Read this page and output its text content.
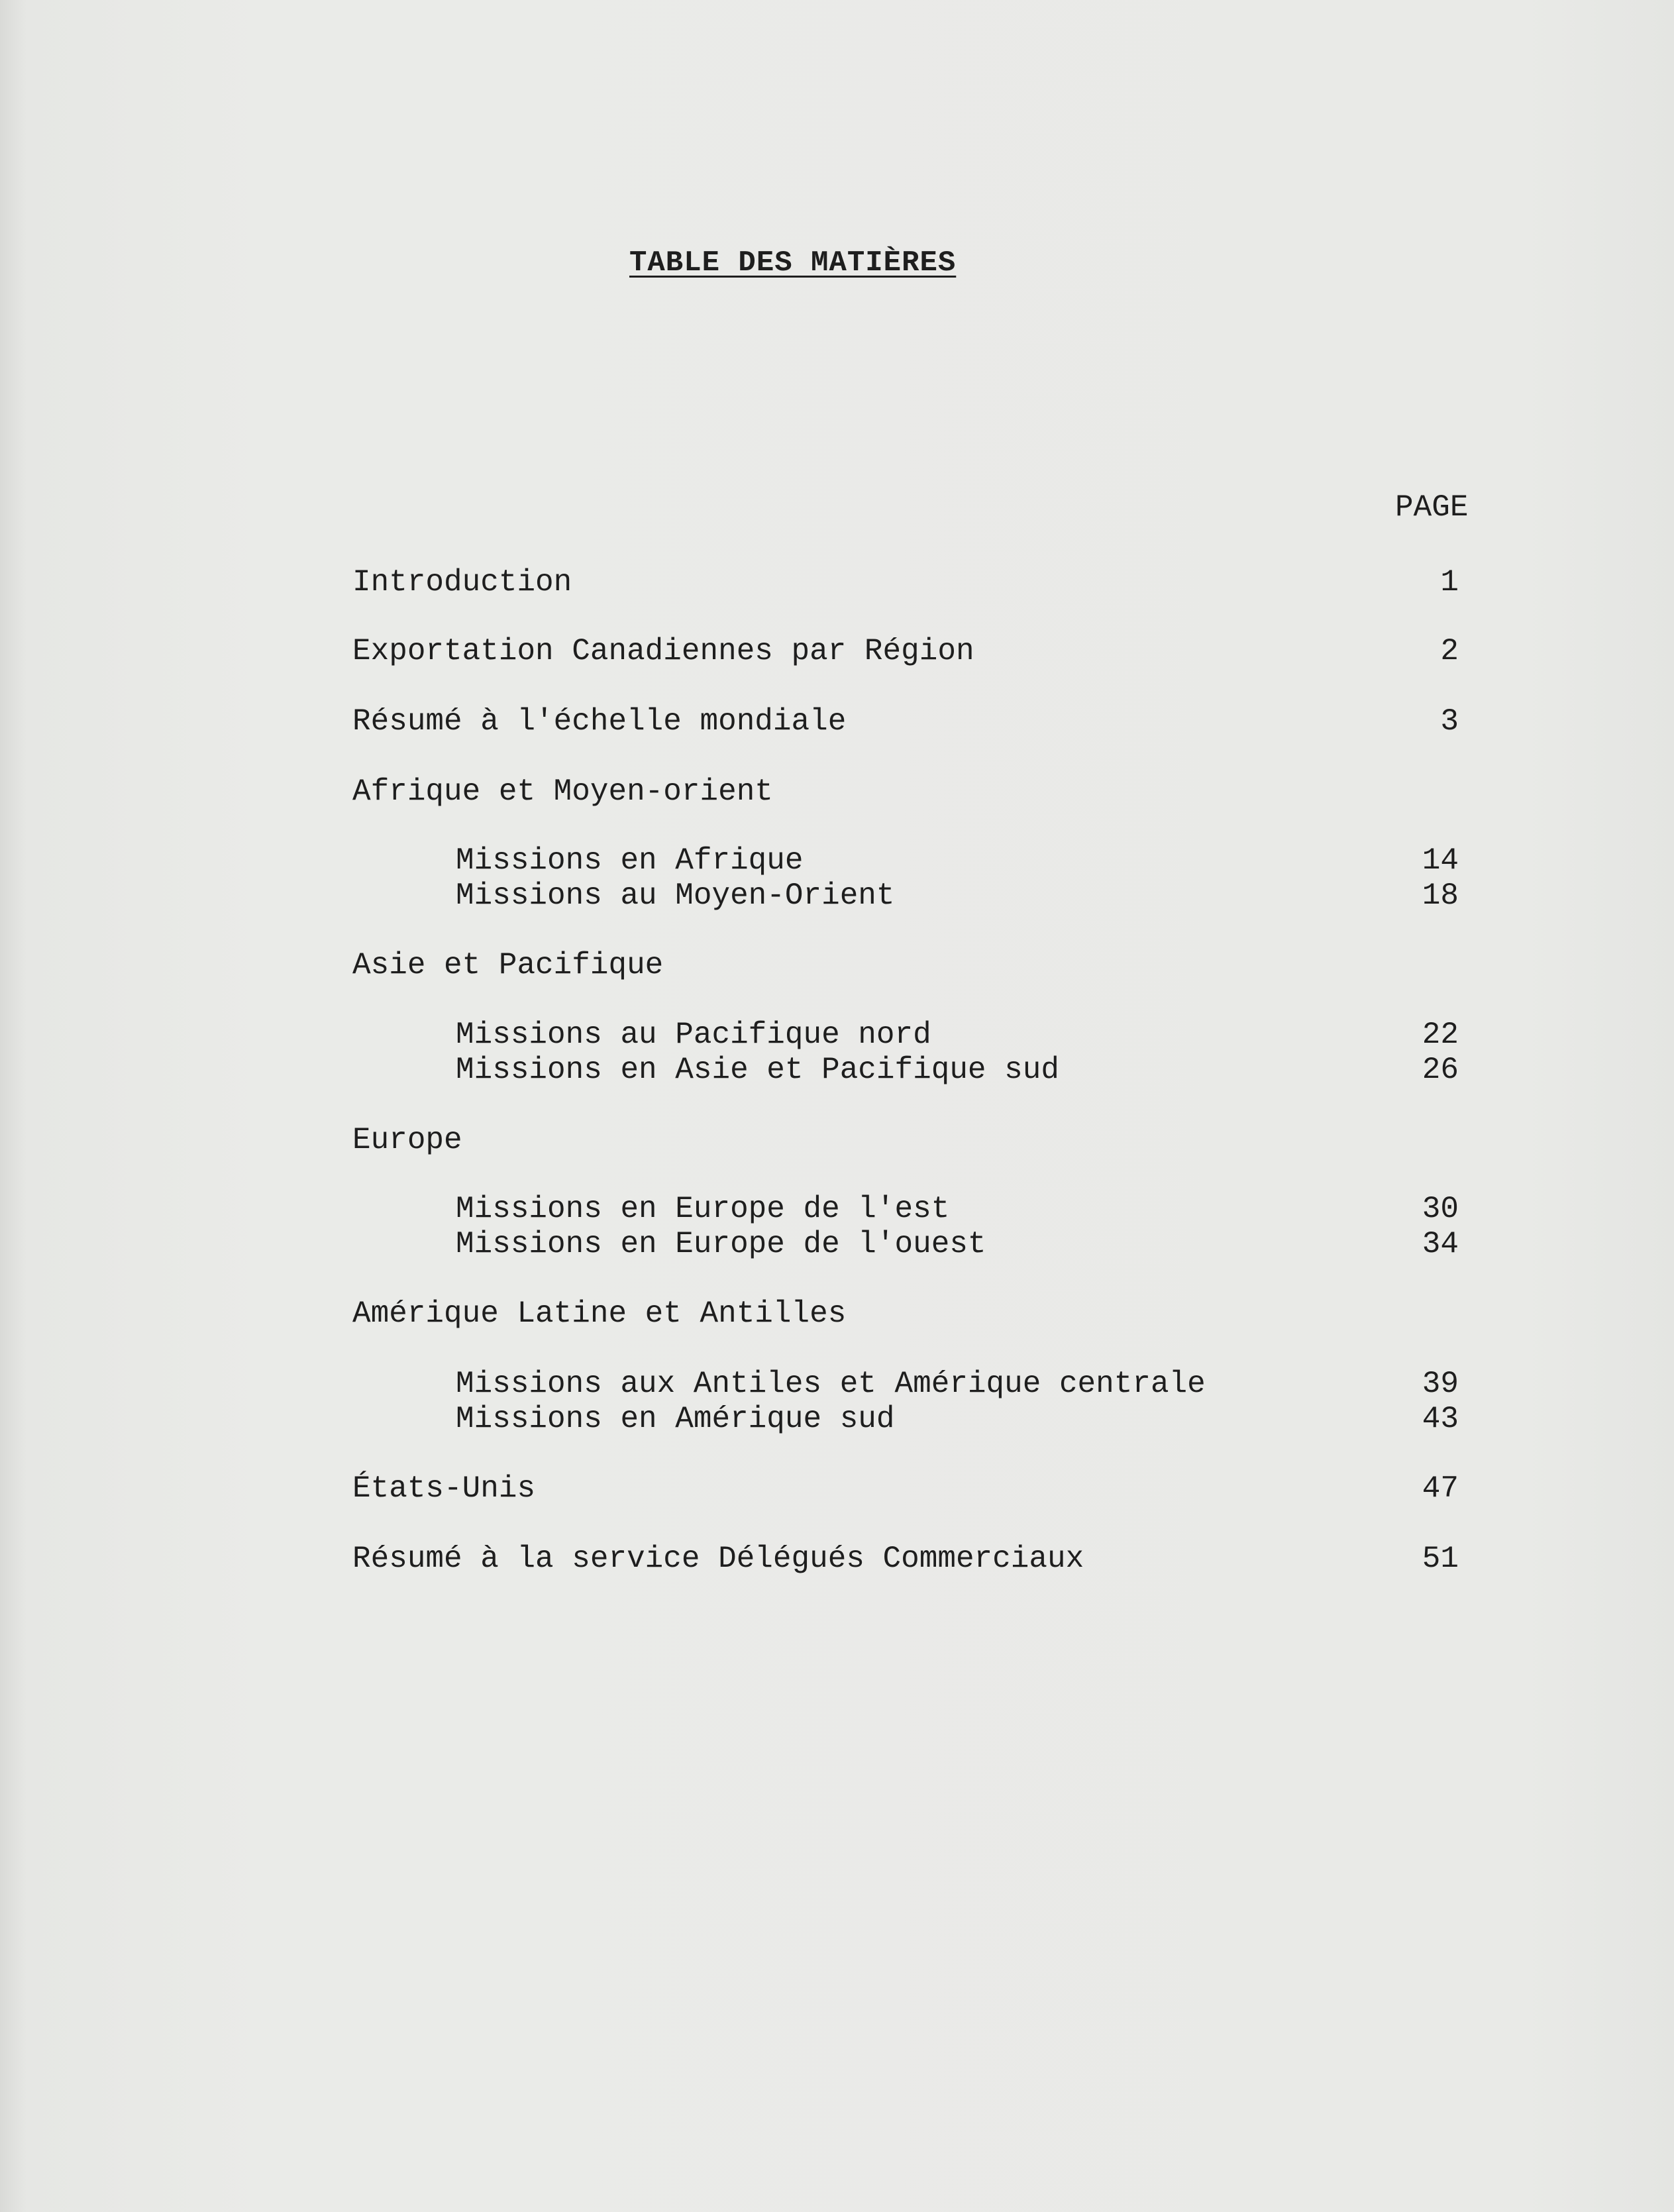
TABLE DES MATIÈRES
PAGE
Introduction	1
Exportation Canadiennes par Région	2
Résumé à l'échelle mondiale	3
Afrique et Moyen-orient
Missions en Afrique	14
Missions au Moyen-Orient	18
Asie et Pacifique
Missions au Pacifique nord	22
Missions en Asie et Pacifique sud	26
Europe
Missions en Europe de l'est	30
Missions en Europe de l'ouest	34
Amérique Latine et Antilles
Missions aux Antiles et Amérique centrale	39
Missions en Amérique sud	43
États-Unis	47
Résumé à la service Délégués Commerciaux	51
